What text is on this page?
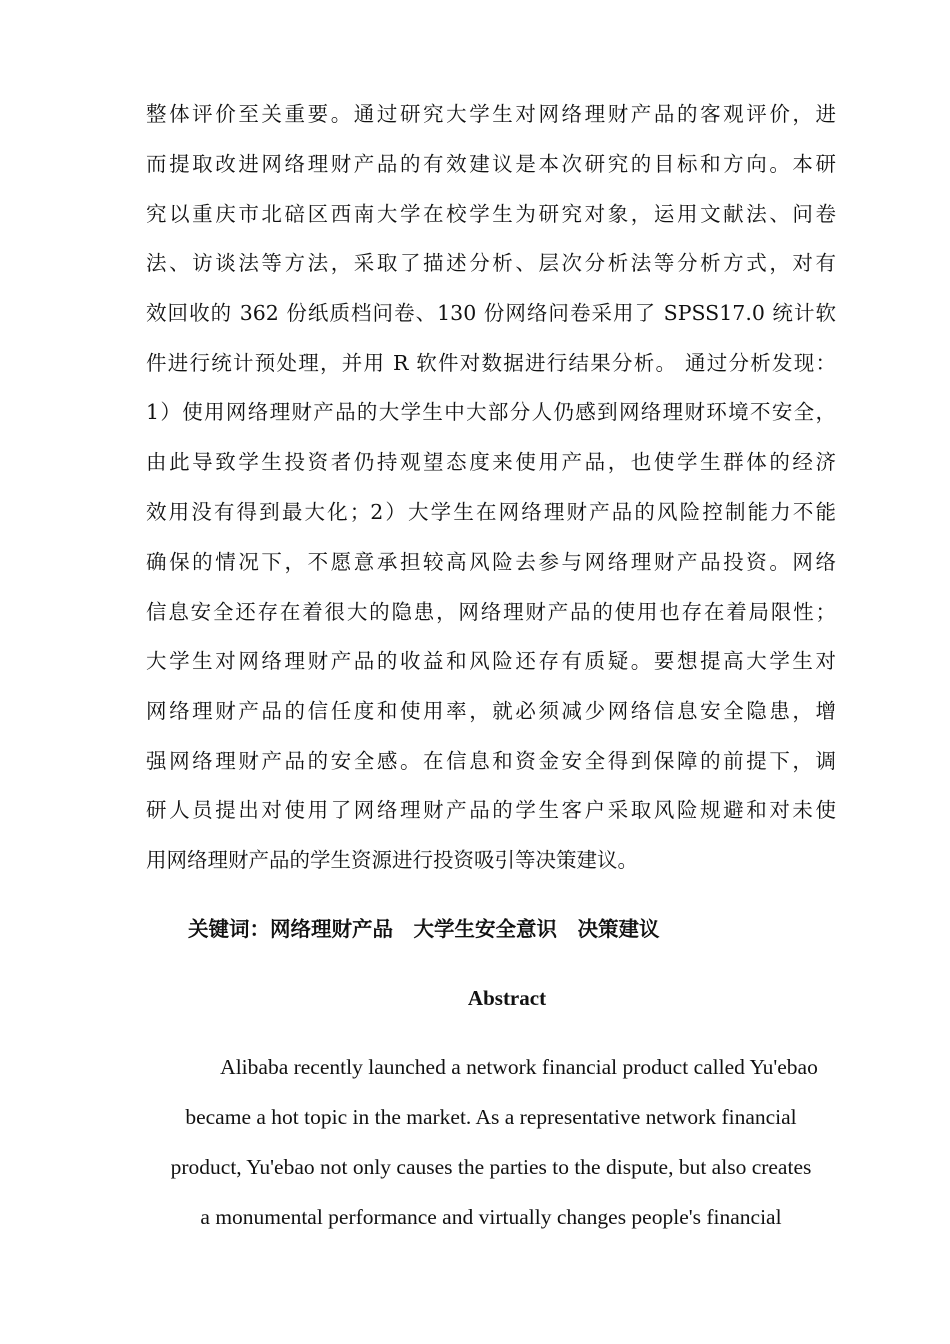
整体评价至关重要。通过研究大学生对网络理财产品的客观评价，进
而提取改进网络理财产品的有效建议是本次研究的目标和方向。本研
究以重庆市北碚区西南大学在校学生为研究对象，运用文献法、问卷
法、访谈法等方法，采取了描述分析、层次分析法等分析方式，对有
效回收的 362 份纸质档问卷、130 份网络问卷采用了 SPSS17.0 统计软
件进行统计预处理，并用 R 软件对数据进行结果分析。 通过分析发现：
1）使用网络理财产品的大学生中大部分人仍感到网络理财环境不安全，
由此导致学生投资者仍持观望态度来使用产品，也使学生群体的经济
效用没有得到最大化；2）大学生在网络理财产品的风险控制能力不能
确保的情况下，不愿意承担较高风险去参与网络理财产品投资。网络
信息安全还存在着很大的隐患，网络理财产品的使用也存在着局限性；
大学生对网络理财产品的收益和风险还存有质疑。要想提高大学生对
网络理财产品的信任度和使用率，就必须减少网络信息安全隐患，增
强网络理财产品的安全感。在信息和资金安全得到保障的前提下，调
研人员提出对使用了网络理财产品的学生客户采取风险规避和对未使
用网络理财产品的学生资源进行投资吸引等决策建议。
关键词：网络理财产品　大学生安全意识　决策建议
Abstract
Alibaba recently launched a network financial product called Yu'ebao
became a hot topic in the market. As a representative network financial
product, Yu'ebao not only causes the parties to the dispute, but also creates
a monumental performance and virtually changes people's financial
